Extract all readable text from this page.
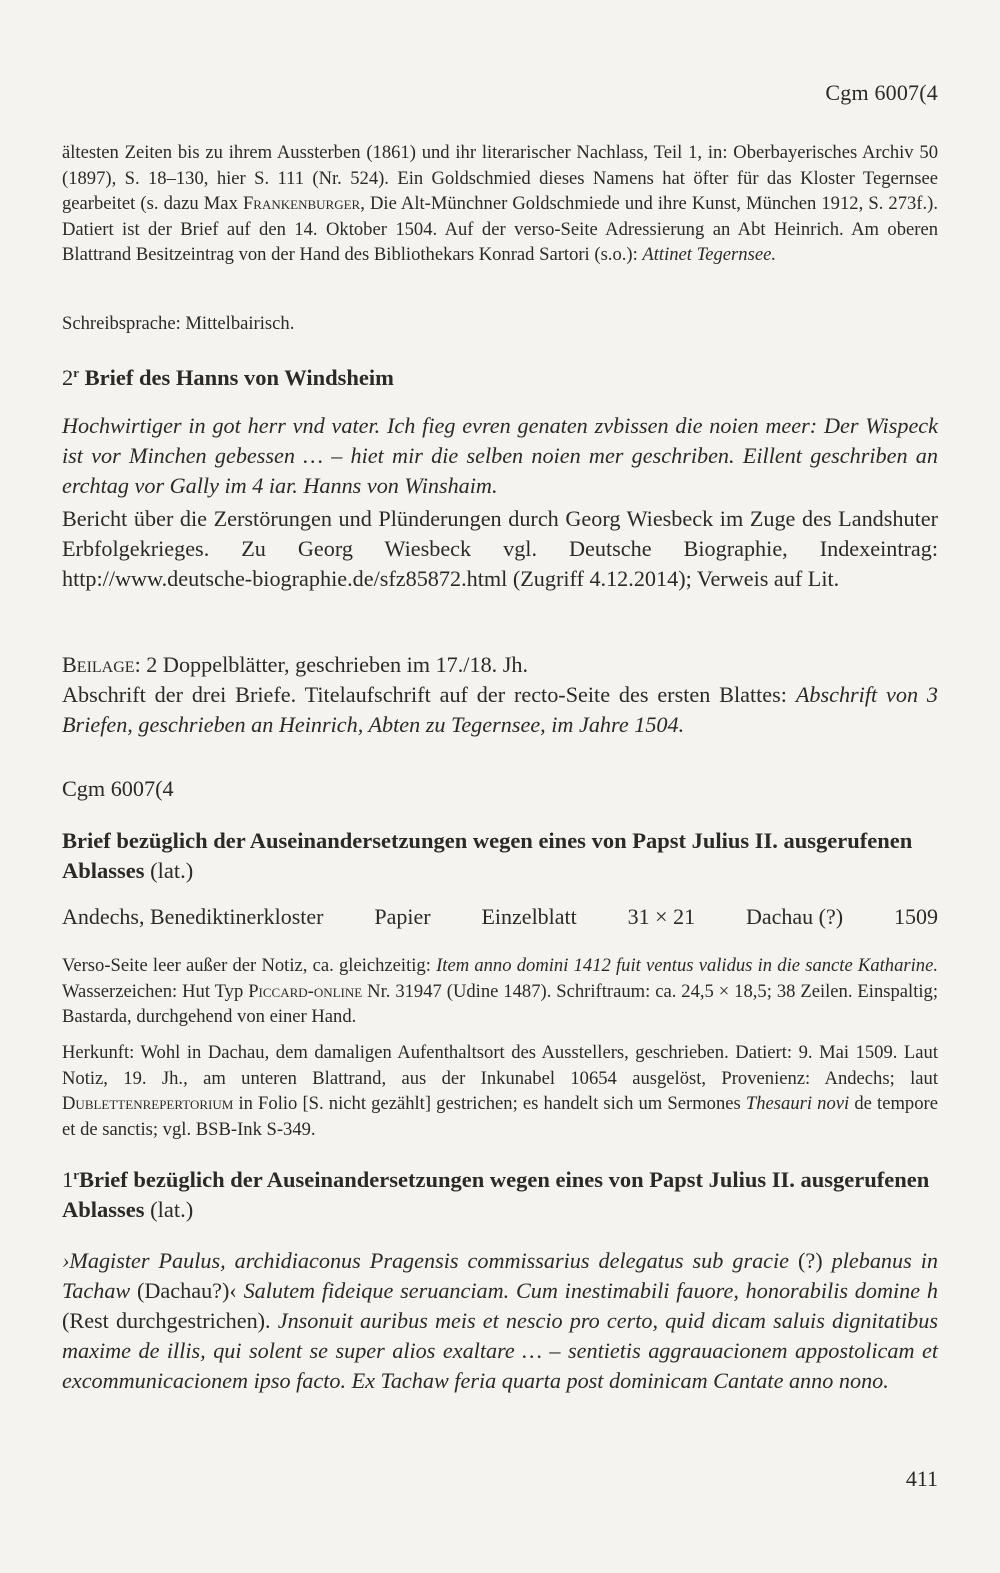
Cgm 6007(4
ältesten Zeiten bis zu ihrem Aussterben (1861) und ihr literarischer Nachlass, Teil 1, in: Oberbayerisches Archiv 50 (1897), S. 18–130, hier S. 111 (Nr. 524). Ein Goldschmied dieses Namens hat öfter für das Kloster Tegernsee gearbeitet (s. dazu Max Frankenburger, Die Alt-Münchner Goldschmiede und ihre Kunst, München 1912, S. 273f.). Datiert ist der Brief auf den 14. Oktober 1504. Auf der verso-Seite Adressierung an Abt Heinrich. Am oberen Blattrand Besitzeintrag von der Hand des Bibliothekars Konrad Sartori (s.o.): Attinet Tegernsee.
Schreibsprache: Mittelbairisch.
2$^r$ Brief des Hanns von Windsheim
Hochwirtiger in got herr vnd vater. Ich fieg evren genaten zvbissen die noien meer: Der Wispeck ist vor Minchen gebessen … – hiet mir die selben noien mer geschriben. Eillent geschriben an erchtag vor Gally im 4 iar. Hanns von Winshaim.
Bericht über die Zerstörungen und Plünderungen durch Georg Wiesbeck im Zuge des Landshuter Erbfolgekrieges. Zu Georg Wiesbeck vgl. Deutsche Biographie, Indexeintrag: http://www.deutsche-biographie.de/sfz85872.html (Zugriff 4.12.2014); Verweis auf Lit.
Beilage: 2 Doppelblätter, geschrieben im 17./18. Jh.
Abschrift der drei Briefe. Titelaufschrift auf der recto-Seite des ersten Blattes: Abschrift von 3 Briefen, geschrieben an Heinrich, Abten zu Tegernsee, im Jahre 1504.
Cgm 6007(4
Brief bezüglich der Auseinandersetzungen wegen eines von Papst Julius II. ausgerufenen Ablasses (lat.)
Andechs, Benediktinerkloster Papier Einzelblatt 31 × 21 Dachau (?) 1509
Verso-Seite leer außer der Notiz, ca. gleichzeitig: Item anno domini 1412 fuit ventus validus in die sancte Katharine. Wasserzeichen: Hut Typ Piccard-online Nr. 31947 (Udine 1487). Schriftraum: ca. 24,5 × 18,5; 38 Zeilen. Einspaltig; Bastarda, durchgehend von einer Hand.
Herkunft: Wohl in Dachau, dem damaligen Aufenthaltsort des Ausstellers, geschrieben. Datiert: 9. Mai 1509. Laut Notiz, 19. Jh., am unteren Blattrand, aus der Inkunabel 10654 ausgelöst, Provenienz: Andechs; laut Dublettenrepertorium in Folio [S. nicht gezählt] gestrichen; es handelt sich um Sermones Thesauri novi de tempore et de sanctis; vgl. BSB-Ink S-349.
1$^r$Brief bezüglich der Auseinandersetzungen wegen eines von Papst Julius II. ausgerufenen Ablasses (lat.)
›Magister Paulus, archidiaconus Pragensis commissarius delegatus sub gracie (?) plebanus in Tachaw (Dachau?)‹ Salutem fideique seruanciam. Cum inestimabili fauore, honorabilis domine h (Rest durchgestrichen). Jnsonuit auribus meis et nescio pro certo, quid dicam saluis dignitatibus maxime de illis, qui solent se super alios exaltare … – sentietis aggrauacionem appostolicam et excommunicacionem ipso facto. Ex Tachaw feria quarta post dominicam Cantate anno nono.
411
